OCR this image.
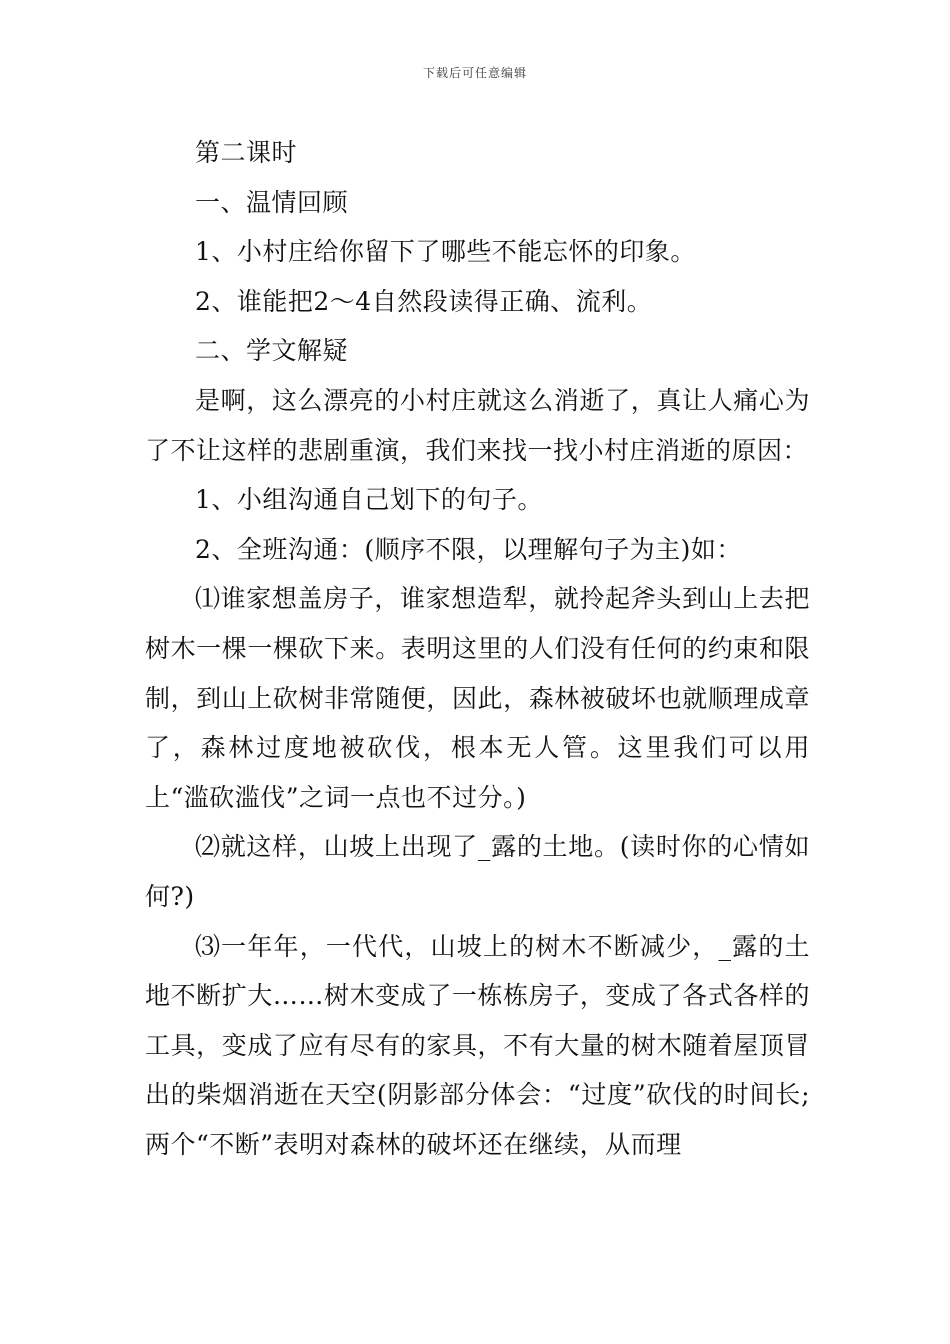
下载后可任意编辑

第二课时

一、温情回顾

1、小村庄给你留下了哪些不能忘怀的印象。

2、谁能把2～4自然段读得正确、流利。

二、学文解疑

是啊，这么漂亮的小村庄就这么消逝了，真让人痛心为了不让这样的悲剧重演，我们来找一找小村庄消逝的原因：

1、小组沟通自己划下的句子。

2、全班沟通：(顺序不限，以理解句子为主)如：

⑴谁家想盖房子，谁家想造犁，就拎起斧头到山上去把树木一棵一棵砍下来。表明这里的人们没有任何的约束和限制，到山上砍树非常随便，因此，森林被破坏也就顺理成章了，森林过度地被砍伐，根本无人管。这里我们可以用上“滥砍滥伐”之词一点也不过分。)

⑵就这样，山坡上出现了_露的土地。(读时你的心情如何?)

⑶一年年，一代代，山坡上的树木不断减少，_露的土地不断扩大……树木变成了一栋栋房子，变成了各式各样的工具，变成了应有尽有的家具，不有大量的树木随着屋顶冒出的柴烟消逝在天空(阴影部分体会：“过度”砍伐的时间长;两个“不断”表明对森林的破坏还在继续，从而理
